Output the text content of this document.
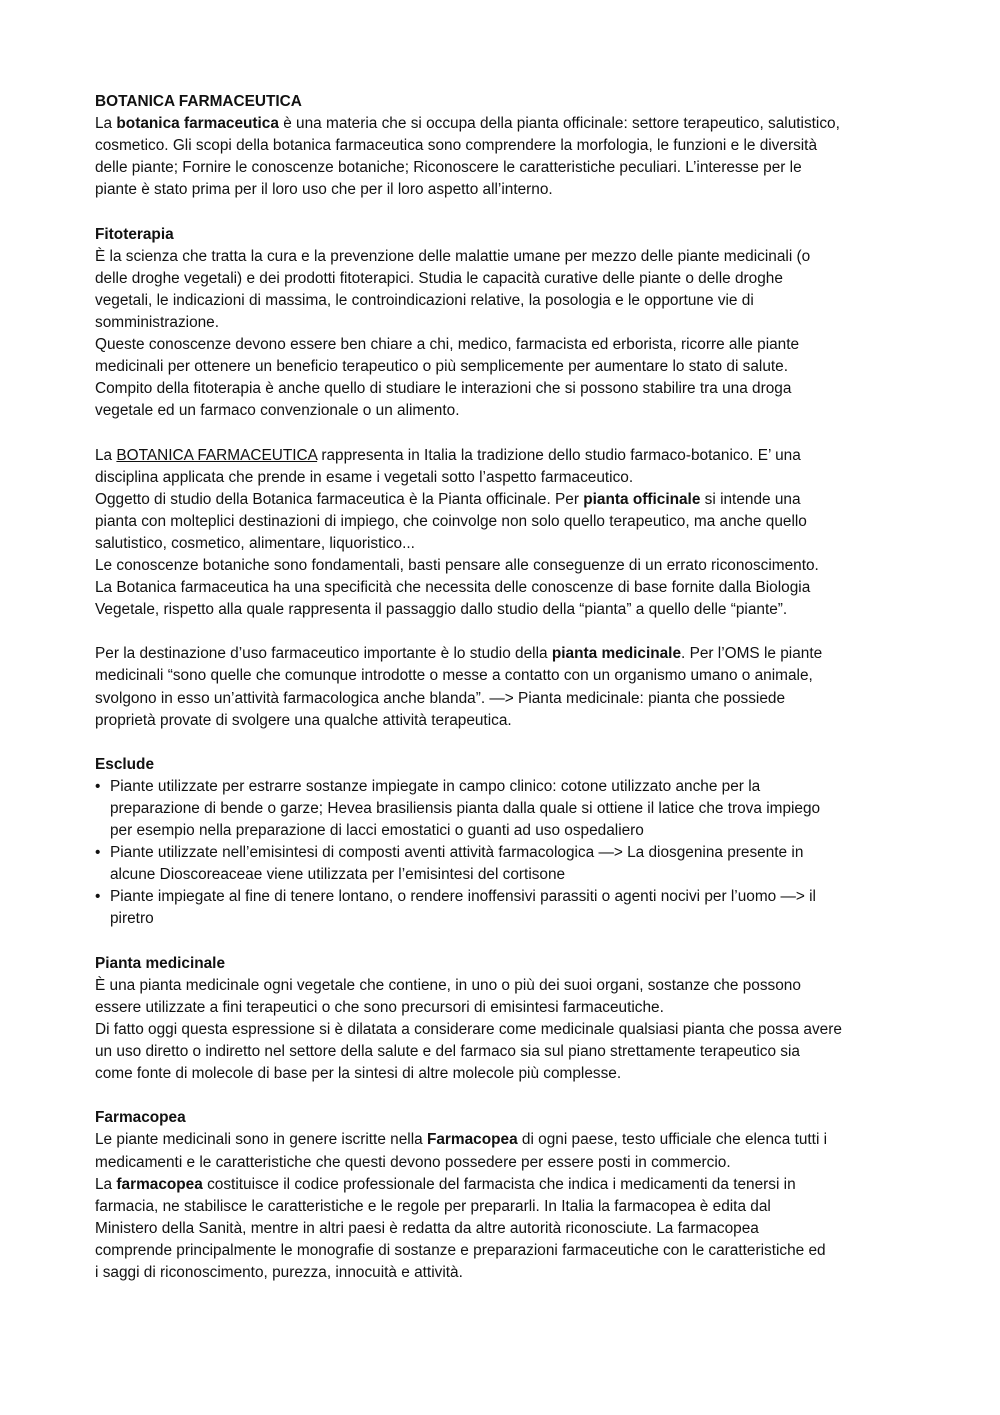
BOTANICA FARMACEUTICA
La botanica farmaceutica è una materia che si occupa della pianta officinale: settore terapeutico, salutistico,
cosmetico. Gli scopi della botanica farmaceutica sono comprendere la morfologia, le funzioni e le diversità
delle piante; Fornire le conoscenze botaniche; Riconoscere le caratteristiche peculiari. L’interesse per le
piante è stato prima per il loro uso che per il loro aspetto all’interno.
Fitoterapia
È la scienza che tratta la cura e la prevenzione delle malattie umane per mezzo delle piante medicinali (o
delle droghe vegetali) e dei prodotti fitoterapici. Studia le capacità curative delle piante o delle droghe
vegetali, le indicazioni di massima, le controindicazioni relative, la posologia e le opportune vie di
somministrazione.
Queste conoscenze devono essere ben chiare a chi, medico, farmacista ed erborista, ricorre alle piante
medicinali per ottenere un beneficio terapeutico o più semplicemente per aumentare lo stato di salute.
Compito della fitoterapia è anche quello di studiare le interazioni che si possono stabilire tra una droga
vegetale ed un farmaco convenzionale o un alimento.
La BOTANICA FARMACEUTICA rappresenta in Italia la tradizione dello studio farmaco-botanico. E’ una
disciplina applicata che prende in esame i vegetali sotto l’aspetto farmaceutico.
Oggetto di studio della Botanica farmaceutica è la Pianta officinale. Per pianta officinale si intende una
pianta con molteplici destinazioni di impiego, che coinvolge non solo quello terapeutico, ma anche quello
salutistico, cosmetico, alimentare, liquoristico...
Le conoscenze botaniche sono fondamentali, basti pensare alle conseguenze di un errato riconoscimento.
La Botanica farmaceutica ha una specificità che necessita delle conoscenze di base fornite dalla Biologia
Vegetale, rispetto alla quale rappresenta il passaggio dallo studio della “pianta” a quello delle “piante”.
Per la destinazione d’uso farmaceutico importante è lo studio della pianta medicinale. Per l’OMS le piante
medicinali “sono quelle che comunque introdotte o messe a contatto con un organismo umano o animale,
svolgono in esso un’attività farmacologica anche blanda”. —> Pianta medicinale: pianta che possiede
proprietà provate di svolgere una qualche attività terapeutica.
Esclude
• Piante utilizzate per estrarre sostanze impiegate in campo clinico: cotone utilizzato anche per la
preparazione di bende o garze; Hevea brasiliensis pianta dalla quale si ottiene il latice che trova impiego
per esempio nella preparazione di lacci emostatici o guanti ad uso ospedaliero
• Piante utilizzate nell’emisintesi di composti aventi attività farmacologica —> La diosgenina presente in
alcune Dioscoreaceae viene utilizzata per l’emisintesi del cortisone
• Piante impiegate al fine di tenere lontano, o rendere inoffensivi parassiti o agenti nocivi per l’uomo —> il
piretro
Pianta medicinale
È una pianta medicinale ogni vegetale che contiene, in uno o più dei suoi organi, sostanze che possono
essere utilizzate a fini terapeutici o che sono precursori di emisintesi farmaceutiche.
Di fatto oggi questa espressione si è dilatata a considerare come medicinale qualsiasi pianta che possa avere
un uso diretto o indiretto nel settore della salute e del farmaco sia sul piano strettamente terapeutico sia
come fonte di molecole di base per la sintesi di altre molecole più complesse.
Farmacopea
Le piante medicinali sono in genere iscritte nella Farmacopea di ogni paese, testo ufficiale che elenca tutti i
medicamenti e le caratteristiche che questi devono possedere per essere posti in commercio.
La farmacopea costituisce il codice professionale del farmacista che indica i medicamenti da tenersi in
farmacia, ne stabilisce le caratteristiche e le regole per prepararli. In Italia la farmacopea è edita dal
Ministero della Sanità, mentre in altri paesi è redatta da altre autorità riconosciute. La farmacopea
comprende principalmente le monografie di sostanze e preparazioni farmaceutiche con le caratteristiche ed
i saggi di riconoscimento, purezza, innocuità e attività.
